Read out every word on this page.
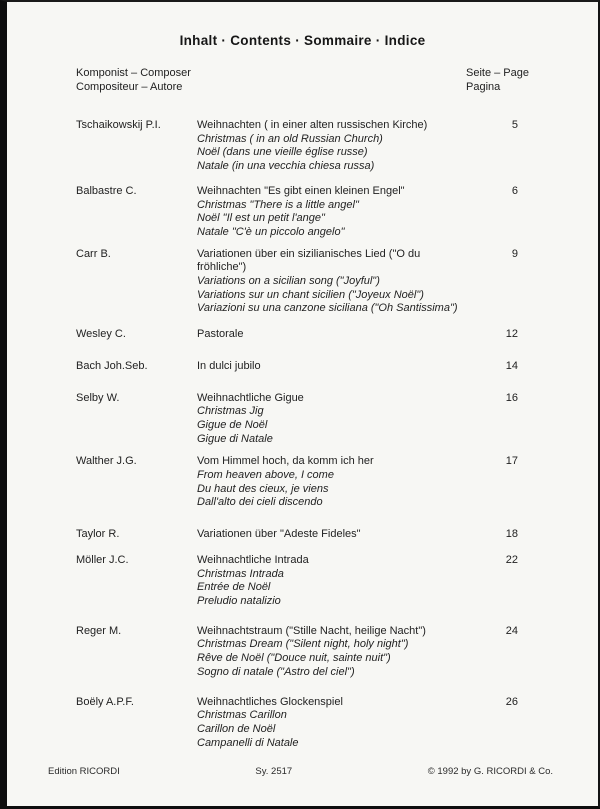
Inhalt · Contents · Sommaire · Indice
Komponist – Composer
Compositeur – Autore
Seite – Page
Pagina
Tschaikowskij P.I.	Weihnachten ( in einer alten russischen Kirche)
Christmas ( in an old Russian Church)
Noël (dans une vieille église russe)
Natale (in una vecchia chiesa russa)
5
Balbastre C.	Weihnachten "Es gibt einen kleinen Engel"
Christmas "There is a little angel"
Noël "Il est un petit l'ange"
Natale "C'è un piccolo angelo"
6
Carr B.	Variationen über ein sizilianisches Lied ("O du fröhliche")
Variations on a sicilian song ("Joyful")
Variations sur un chant sicilien ("Joyeux Noël")
Variazioni su una canzone siciliana ("Oh Santissima")
9
Wesley C.	Pastorale	12
Bach Joh.Seb.	In dulci jubilo	14
Selby W.	Weihnachtliche Gigue
Christmas Jig
Gigue de Noël
Gigue di Natale
16
Walther J.G.	Vom Himmel hoch, da komm ich her
From heaven above, I come
Du haut des cieux, je viens
Dall'alto dei cieli discendo
17
Taylor R.	Variationen über "Adeste Fideles"	18
Möller J.C.	Weihnachtliche Intrada
Christmas Intrada
Entrée de Noël
Preludio natalizio
22
Reger M.	Weihnachtstraum ("Stille Nacht, heilige Nacht")
Christmas Dream ("Silent night, holy night")
Rêve de Noël ("Douce nuit, sainte nuit")
Sogno di natale ("Astro del ciel")
24
Boëly A.P.F.	Weihnachtliches Glockenspiel
Christmas Carillon
Carillon de Noël
Campanelli di Natale
26
Edition RICORDI	Sy. 2517	© 1992 by G. RICORDI & Co.
